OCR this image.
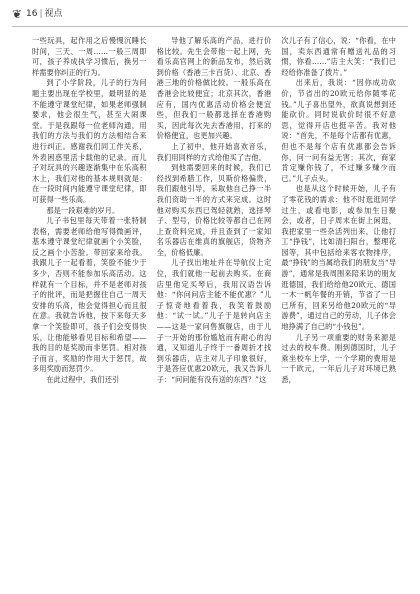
❦ 16 | 视点

一些玩具，起作用之后慢慢沉睡长时间，三天、一周……一般三周即可，孩子养成执学习惯后，换另一样需要你纠正的行为。

到了小学阶段，儿子的行为问题主要出现在学校里，最明显的是不能遵守课堂纪律，如果老师强制要求，他会很生气，甚至大闹课堂。于是我跟每一位老师沟通，用我们的方法与我们的方法相结合来进行纠正。感谢我们同工作关系，外表困惑里活卡载他的记录。而儿子对玩具的兴趣逐渐集中在乐高积木上，我们对他的基本规则就是：在一段时间内能遵守课堂纪律，即可获得一些乐高。

那是一段艰难的岁月。

儿子书包里每天带着一张特制表格，需要老师给他写得微画评，基本遵守课堂纪律就画个小笑脸，反之画个小苦脸。带回家来给我。我跟儿子一起看着，笑脸不能少于多少，否则不能参加乐高活动。这样就有一个目标，并不是老师对孩子的批评，而是把握住自己一周天安排的乐高，他会觉得担心而且很在意。我就告诉他，按下来每天多拿一个笑脸即可，孩子们会变得快乐，让他能够看见目标和希望——我的目的是奖励而非惩罚。相对孩子而言，奖励的作用大于惩罚，故多用奖励而惩罚少。

在此过程中，我们还引

导他了解乐高的产品，进行价格比较。先生会带他一起上网，先看乐高官网上的新品发布，然后就到价格（香港三卡百货）、北京、香港三地的价格做比较。一般乐高在香港会比较便宜；北京其次，香港应有，国内优惠活动价格会便宜些，但我们一般都选择在香港购买，因此每次先去香港用，打来的价格便宜，也更加兴趣。

上了初中，他开始喜欢音乐，我们用同样的方式给他买了吉他。

到他需要回来的时候，我们已经找到希腊工作，贝斯价格偏贵，我们跟他引导，采取他自己挣一半我们资助一半的方式来完成。这时他对购买东西已驾轻就熟，选择琴子、型号，价格比较等都自己在网上查资料完成，并且查到了一家知名乐器店在维真的旗舰店，货物齐全，价格低廉。

儿子找出地址并在导航仪上定位，我们就他一起前去购买。在商店里他定买琴后，我用汉语告诉他：“你问问店主能不能优惠？”儿子惊奇地看着我，我笑着鼓励他：“试一试。”儿子于是转向店主——这是一家问售旗舰店，由于儿子一开始的那份尴尬而有耐心的沟通，又知道儿子终于一番周折才找到乐器店，店主对儿子印象很好，于是答应优惠20欧元，我又告诉儿子：“问问能有没有送的东西？”这

次儿子有了信心，说：“你看，在中国，卖东西通常有赠送礼品的习惯，你看……”店主大笑：“我们已经给你准备了拨片。”

出来后，我说：“因你成功砍价，节省出的20欧元给你随零花钱。”儿子喜出望外，欲真说想到还能砍价。同时说砍价时很不好意思，觉得开店也挺辛苦。我对他说：“首先，不是每个店都有优惠，但也不是每个店有优惠都会告诉你，问一问有益无害；其次，商家肯定赚你钱了，不过赚多赚少而已。”儿子点头。

也是从这个时候开始，儿子有了零花钱的需求：他不时逛逛同学过生，或看电影，或参加生日聚会，或者，日子周末在街上闲逛，我把家里一些杂活列出来，让他打工“挣钱”，比如清扫阳台，整理花园等，其中包括给来客衣物排序，最“挣钱”的当属给我们的朋友当“导游”，通常是我周围来陪来访的朋友逛德国，我们给给他20欧元、德国一木一帆年餐的开销，节省了一日已所有，回来另给他20欧元的“导游费”，通过自己的劳动，儿子体会地挣满了自己的“小钱包”。

儿子另一项重要的财务来源是过去的校车费。刚到德国时，儿子乘坐校车上学，一个学期的费用是一千欧元，一年后儿子对环境已熟悉，
